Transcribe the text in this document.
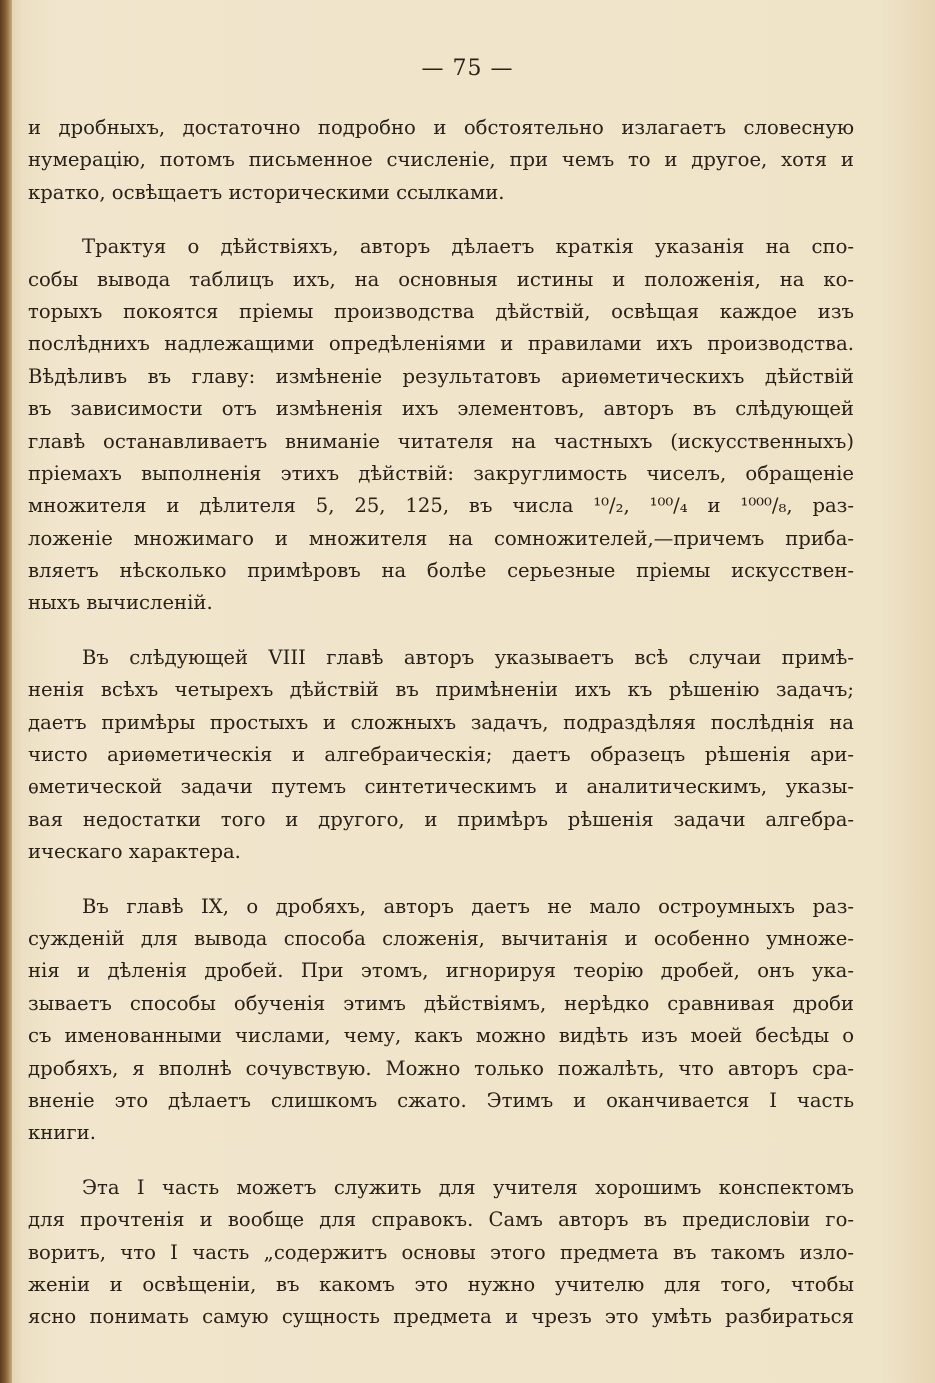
— 75 —
и дробныхъ, достаточно подробно и обстоятельно излагаетъ словесную
нумерацію, потомъ письменное счисленіе, при чемъ то и другое, хотя и
кратко, освѣщаетъ историческими ссылками.
Трактуя о дѣйствіяхъ, авторъ дѣлаетъ краткія указанія на спо-
собы вывода таблицъ ихъ, на основныя истины и положенія, на ко-
торыхъ покоятся пріемы производства дѣйствій, освѣщая каждое изъ
послѣднихъ надлежащими опредѣленіями и правилами ихъ производства.
Вѣдѣливъ въ главу: измѣненіе результатовъ ариѳметическихъ дѣйствій
въ зависимости отъ измѣненія ихъ элементовъ, авторъ въ слѣдующей
главѣ останавливаетъ вниманіе читателя на частныхъ (искусственныхъ)
пріемахъ выполненія этихъ дѣйствій: закруглимость чиселъ, обращеніе
множителя и дѣлителя 5, 25, 125, въ числа ¹⁰/₂, ¹⁰⁰/₄ и ¹⁰⁰⁰/₈, раз-
ложеніе множимаго и множителя на сомножителей,—причемъ прибa-
вляетъ нѣсколько примѣровъ на болѣе серьезные пріемы искусствен-
ныхъ вычисленій.
Въ слѣдующей VIII главѣ авторъ указываетъ всѣ случаи примѣ-
ненія всѣхъ четырехъ дѣйствій въ примѣненіи ихъ къ рѣшенію задачъ;
даетъ примѣры простыхъ и сложныхъ задачъ, подраздѣляя послѣднія на
чисто ариѳметическія и алгебраическія; даетъ образецъ рѣшенія ари-
ѳметической задачи путемъ синтетическимъ и аналитическимъ, указы-
вая недостатки того и другого, и примѣръ рѣшенія задачи алгебра-
ическаго характера.
Въ главѣ IX, о дробяхъ, авторъ даетъ не мало остроумныхъ раз-
сужденій для вывода способа сложенія, вычитанія и особенно умноже-
нія и дѣленія дробей. При этомъ, игнорируя теорію дробей, онъ ука-
зываетъ способы обученія этимъ дѣйствіямъ, нерѣдко сравнивая дроби
съ именованными числами, чему, какъ можно видѣть изъ моей бесѣды о
дробяхъ, я вполнѣ сочувствую. Можно только пожалѣть, что авторъ сра-
вненіе это дѣлаетъ слишкомъ сжато. Этимъ и оканчивается I часть
книги.
Эта I часть можетъ служить для учителя хорошимъ конспектомъ
для прочтенія и вообще для справокъ. Самъ авторъ въ предисловіи го-
воритъ, что I часть „содержитъ основы этого предмета въ такомъ изло-
женіи и освѣщеніи, въ какомъ это нужно учителю для того, чтобы
ясно понимать самую сущность предмета и чрезъ это умѣть разбираться
